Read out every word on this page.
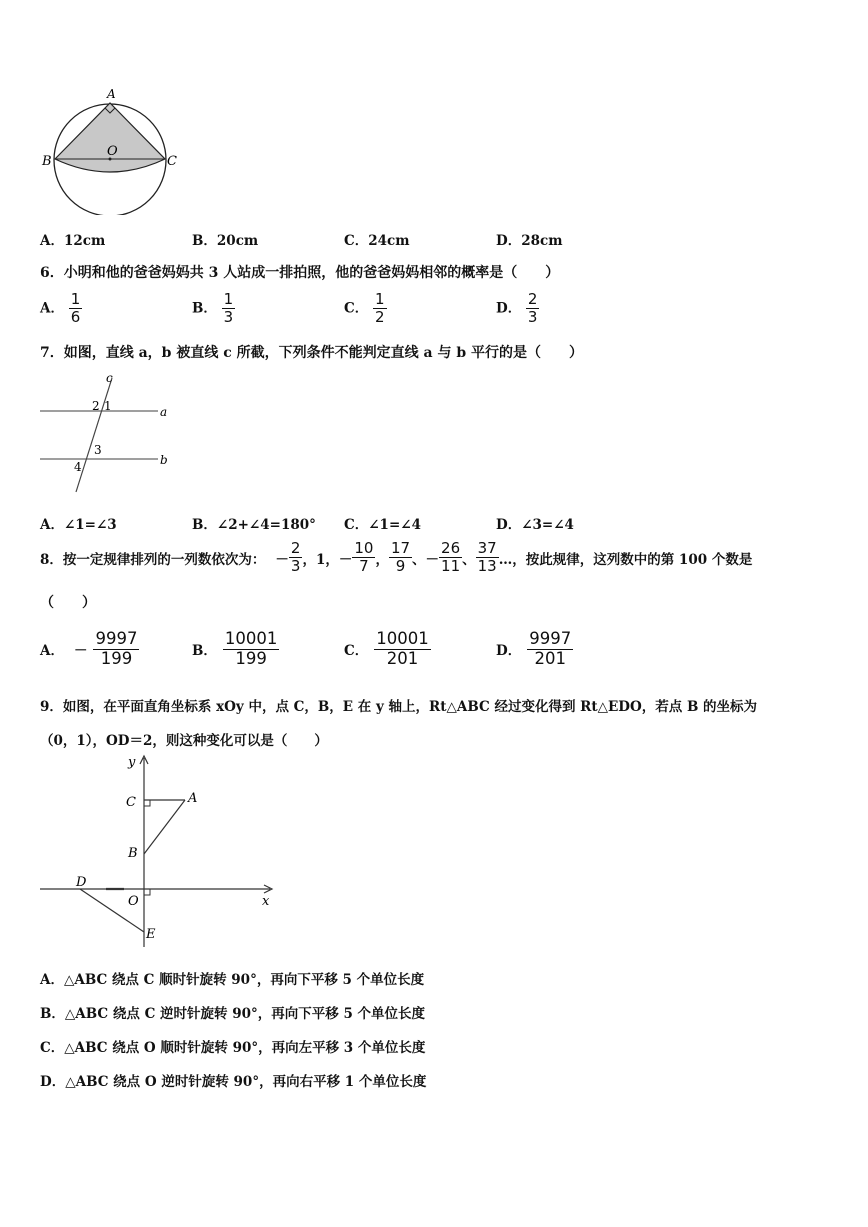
A
B	C
O
A．12cm	B．20cm	C．24cm	D．28cm
6．小明和他的爸爸妈妈共 3 人站成一排拍照，他的爸爸妈妈相邻的概率是（　　）
A． $\frac{1}{6}$	B． $\frac{1}{3}$	C． $\frac{1}{2}$	D． $\frac{2}{3}$
7．如图，直线 a，b 被直线 c 所截，下列条件不能判定直线 a 与 b 平行的是（　　）
c
a
b
2 1
3
4
A．∠1=∠3	B．∠2+∠4=180° C．∠1=∠4	D．∠3=∠4
8．按一定规律排列的一列数依次为： － $\frac{2}{3}$ ，1， － $\frac{10}{7}$ ， $\frac{17}{9}$ 、 － $\frac{26}{11}$ 、 $\frac{37}{13}$ …，按此规律，这列数中的第 100 个数是
（　　）
A． － $\frac{9997}{199}$	B． $\frac{10001}{199}$	C． $\frac{10001}{201}$	D． $\frac{9997}{201}$
9．如图，在平面直角坐标系 xOy 中，点 C，B，E 在 y 轴上，Rt△ABC 经过变化得到 Rt△EDO，若点 B 的坐标为
（0，1），OD＝2，则这种变化可以是（　　）
y
x
C	A
B
D
O
E
A．△ABC 绕点 C 顺时针旋转 90°，再向下平移 5 个单位长度
B．△ABC 绕点 C 逆时针旋转 90°，再向下平移 5 个单位长度
C．△ABC 绕点 O 顺时针旋转 90°，再向左平移 3 个单位长度
D．△ABC 绕点 O 逆时针旋转 90°，再向右平移 1 个单位长度
